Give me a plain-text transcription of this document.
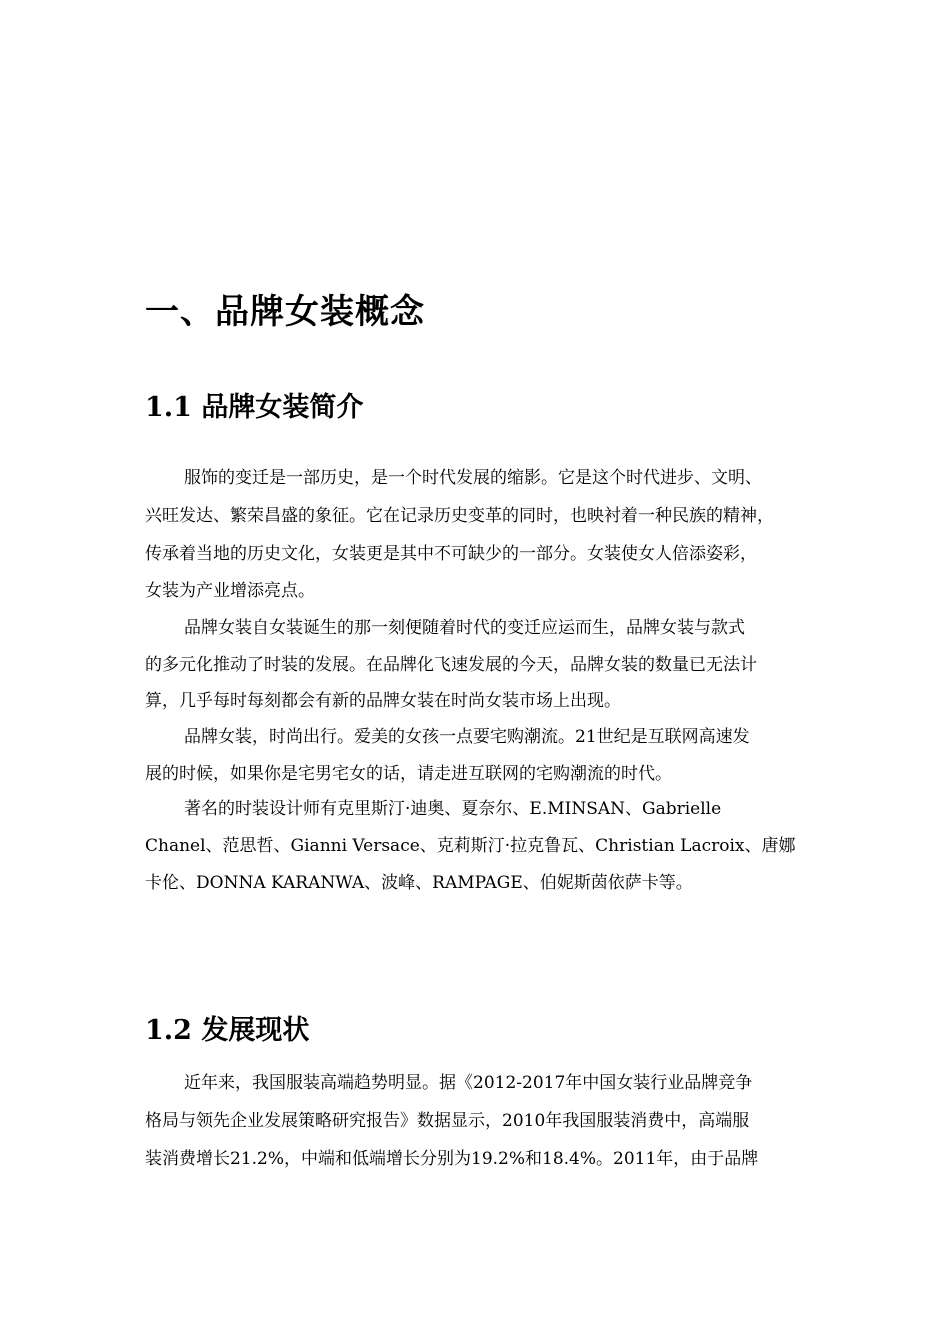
一、品牌女装概念
1.1 品牌女装简介

服饰的变迁是一部历史，是一个时代发展的缩影。它是这个时代进步、文明、

兴旺发达、繁荣昌盛的象征。它在记录历史变革的同时，也映衬着一种民族的精神，

传承着当地的历史文化，女装更是其中不可缺少的一部分。女装使女人倍添姿彩，

女装为产业增添亮点。

品牌女装自女装诞生的那一刻便随着时代的变迁应运而生，品牌女装与款式

的多元化推动了时装的发展。在品牌化飞速发展的今天，品牌女装的数量已无法计

算，几乎每时每刻都会有新的品牌女装在时尚女装市场上出现。

品牌女装，时尚出行。爱美的女孩一点要宅购潮流。21世纪是互联网高速发

展的时候，如果你是宅男宅女的话，请走进互联网的宅购潮流的时代。

著名的时装设计师有克里斯汀·迪奥、夏奈尔、E.MINSAN、Gabrielle

Chanel、范思哲、Gianni Versace、克莉斯汀·拉克鲁瓦、Christian Lacroix、唐娜

卡伦、DONNA KARANWA、波峰、RAMPAGE、伯妮斯茵依萨卡等。

1.2 发展现状

近年来，我国服装高端趋势明显。据《2012-2017年中国女装行业品牌竞争

格局与领先企业发展策略研究报告》数据显示，2010年我国服装消费中，高端服

装消费增长21.2%，中端和低端增长分别为19.2%和18.4%。2011年，由于品牌
